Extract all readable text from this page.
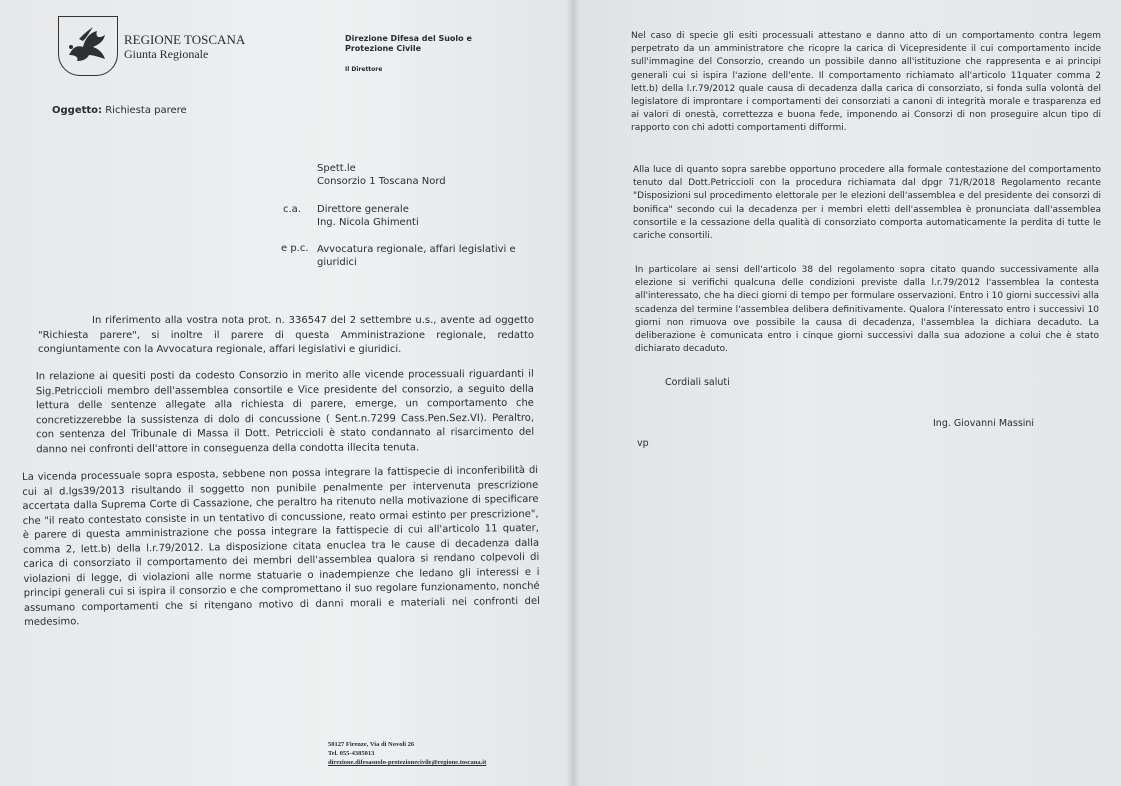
REGIONE TOSCANA
Giunta Regionale
Direzione Difesa del Suolo e Protezione Civile
Il Direttore
Oggetto: Richiesta parere
Spett.le
Consorzio 1 Toscana Nord
c.a. Direttore generale
Ing. Nicola Ghimenti
e p.c. Avvocatura regionale, affari legislativi e
giuridici
In riferimento alla vostra nota prot. n. 336547 del 2 settembre u.s., avente ad oggetto "Richiesta parere", si inoltre il parere di questa Amministrazione regionale, redatto congiuntamente con la Avvocatura regionale, affari legislativi e giuridici.
In relazione ai quesiti posti da codesto Consorzio in merito alle vicende processuali riguardanti il Sig.Petriccioli membro dell'assemblea consortile e Vice presidente del consorzio, a seguito della lettura delle sentenze allegate alla richiesta di parere, emerge, un comportamento che concretizzerebbe la sussistenza di dolo di concussione ( Sent.n.7299 Cass.Pen.Sez.VI). Peraltro, con sentenza del Tribunale di Massa il Dott. Petriccioli è stato condannato al risarcimento del danno nei confronti dell'attore in conseguenza della condotta illecita tenuta.
La vicenda processuale sopra esposta, sebbene non possa integrare la fattispecie di inconferibilità di cui al d.lgs39/2013 risultando il soggetto non punibile penalmente per intervenuta prescrizione accertata dalla Suprema Corte di Cassazione, che peraltro ha ritenuto nella motivazione di specificare che "il reato contestato consiste in un tentativo di concussione, reato ormai estinto per prescrizione", è parere di questa amministrazione che possa integrare la fattispecie di cui all'articolo 11 quater, comma 2, lett.b) della l.r.79/2012. La disposizione citata enuclea tra le cause di decadenza dalla carica di consorziato il comportamento dei membri dell'assemblea qualora si rendano colpevoli di violazioni di legge, di violazioni alle norme statuarie o inadempienze che ledano gli interessi e i principi generali cui si ispira il consorzio e che compromettano il suo regolare funzionamento, nonché assumano comportamenti che si ritengano motivo di danni morali e materiali nei confronti del medesimo.
50127 Firenze, Via di Novoli 26
Tel. 055-4385013
direzione.difesasuolo-protezionecivile@regione.toscana.it
Nel caso di specie gli esiti processuali attestano e danno atto di un comportamento contra legem perpetrato da un amministratore che ricopre la carica di Vicepresidente il cui comportamento incide sull'immagine del Consorzio, creando un possibile danno all'istituzione che rappresenta e ai principi generali cui si ispira l'azione dell'ente. Il comportamento richiamato all'articolo 11quater comma 2 lett.b) della l.r.79/2012 quale causa di decadenza dalla carica di consorziato, si fonda sulla volontà del legislatore di improntare i comportamenti dei consorziati a canoni di integrità morale e trasparenza ed ai valori di onestà, correttezza e buona fede, imponendo ai Consorzi di non proseguire alcun tipo di rapporto con chi adotti comportamenti difformi.
Alla luce di quanto sopra sarebbe opportuno procedere alla formale contestazione del comportamento tenuto dal Dott.Petriccioli con la procedura richiamata dal dpgr 71/R/2018 Regolamento recante "Disposizioni sul procedimento elettorale per le elezioni dell'assemblea e del presidente dei consorzi di bonifica" secondo cui la decadenza per i membri eletti dell'assemblea è pronunciata dall'assemblea consortile e la cessazione della qualità di consorziato comporta automaticamente la perdita di tutte le cariche consortili.
In particolare ai sensi dell'articolo 38 del regolamento sopra citato quando successivamente alla elezione si verifichi qualcuna delle condizioni previste dalla l.r.79/2012 l'assemblea la contesta all'interessato, che ha dieci giorni di tempo per formulare osservazioni. Entro i 10 giorni successivi alla scadenza del termine l'assemblea delibera definitivamente. Qualora l'interessato entro i successivi 10 giorni non rimuova ove possibile la causa di decadenza, l'assemblea la dichiara decaduto. La deliberazione è comunicata entro i cinque giorni successivi dalla sua adozione a colui che è stato dichiarato decaduto.
Cordiali saluti
Ing. Giovanni Massini
vp
